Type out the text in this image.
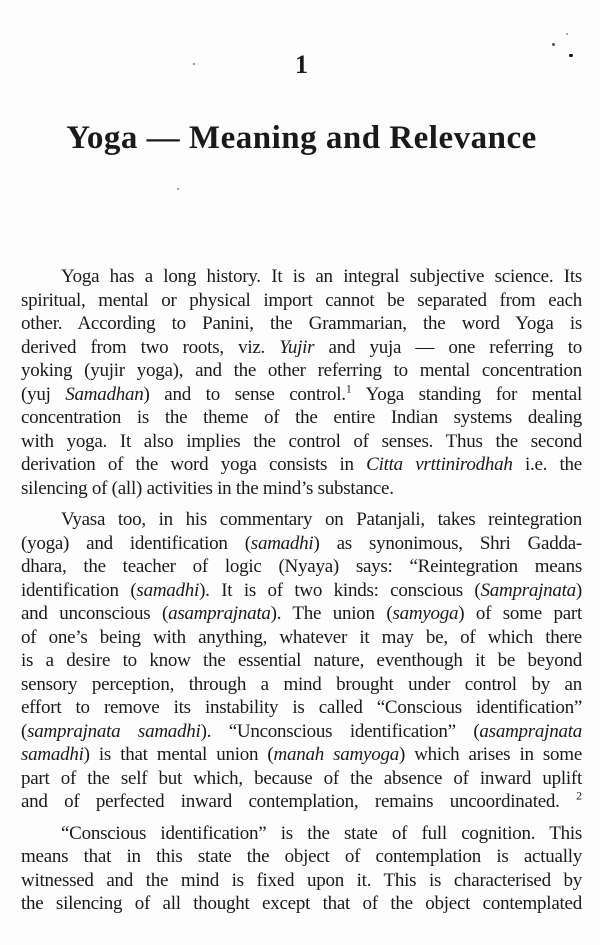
1
Yoga — Meaning and Relevance
Yoga has a long history. It is an integral subjective science. Its
spiritual, mental or physical import cannot be separated from each
other. According to Panini, the Grammarian, the word Yoga is
derived from two roots, viz. Yujir and yuja — one referring to
yoking (yujir yoga), and the other referring to mental concentration
(yuj Samadhan) and to sense control.$^1$ Yoga standing for mental
concentration is the theme of the entire Indian systems dealing
with yoga. It also implies the control of senses. Thus the second
derivation of the word yoga consists in Citta vrttinirodhah i.e. the
silencing of (all) activities in the mind’s substance.
Vyasa too, in his commentary on Patanjali, takes reintegration
(yoga) and identification (samadhi) as synonimous, Shri Gadda-
dhara, the teacher of logic (Nyaya) says: “Reintegration means
identification (samadhi). It is of two kinds: conscious (Samprajnata)
and unconscious (asamprajnata). The union (samyoga) of some part
of one’s being with anything, whatever it may be, of which there
is a desire to know the essential nature, eventhough it be beyond
sensory perception, through a mind brought under control by an
effort to remove its instability is called “Conscious identification”
(samprajnata samadhi). “Unconscious identification” (asamprajnata
samadhi) is that mental union (manah samyoga) which arises in some
part of the self but which, because of the absence of inward uplift
and of perfected inward contemplation, remains uncoordinated. $^2$
“Conscious identification” is the state of full cognition. This
means that in this state the object of contemplation is actually
witnessed and the mind is fixed upon it. This is characterised by
the silencing of all thought except that of the object contemplated
